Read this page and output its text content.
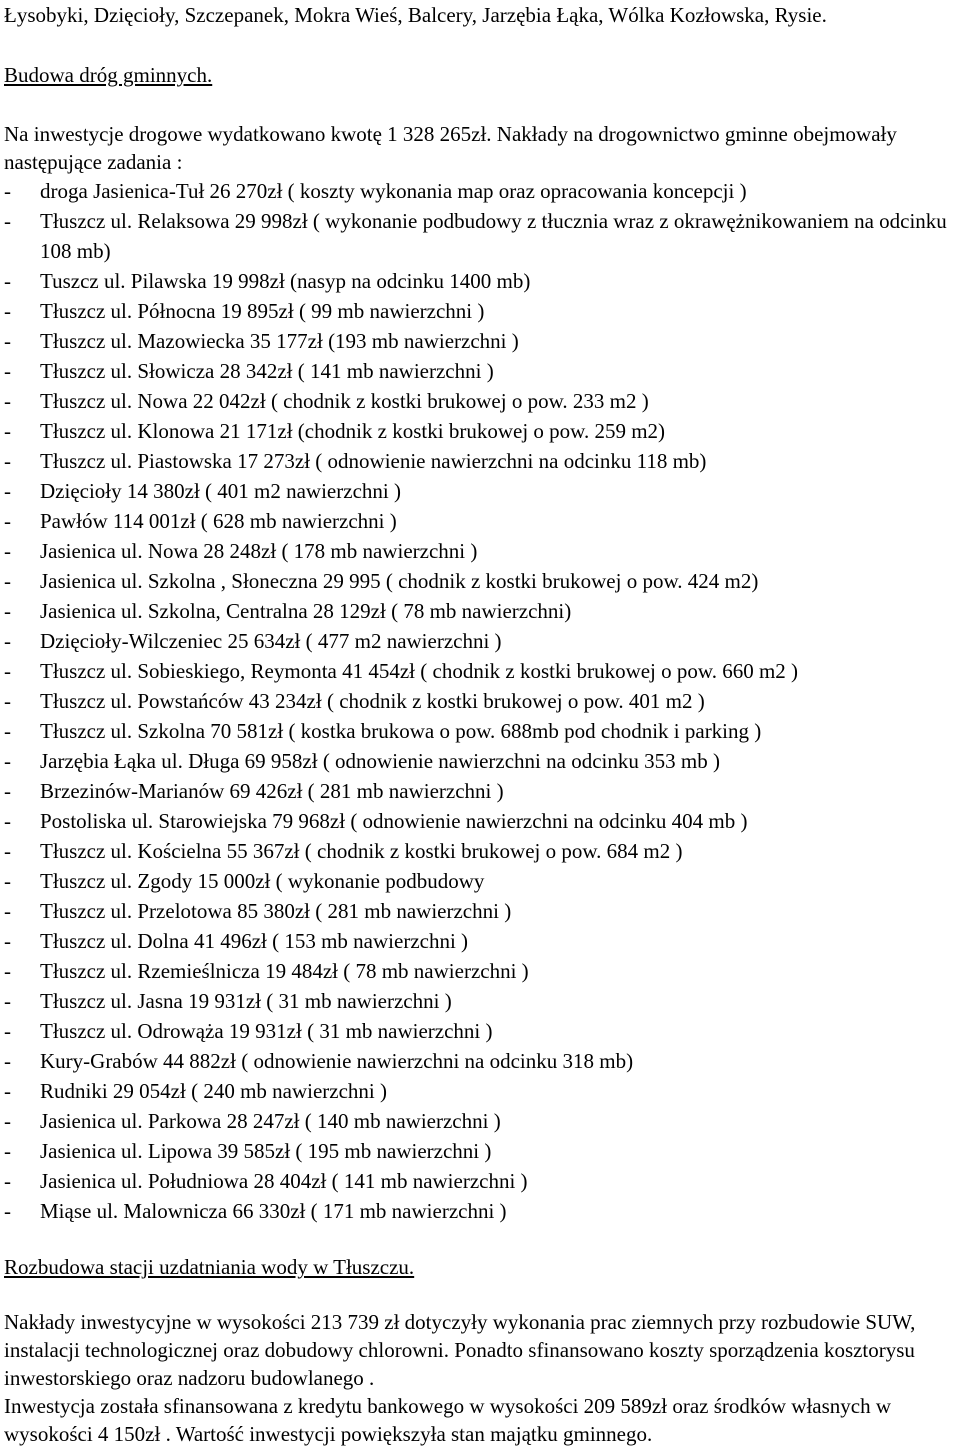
Łysobyki, Dzięcioły, Szczepanek, Mokra Wieś, Balcery, Jarzębia Łąka, Wólka Kozłowska, Rysie.

Budowa dróg gminnych.

Na inwestycje drogowe wydatkowano kwotę 1 328 265zł. Nakłady na drogownictwo gminne obejmowały następujące zadania :

- droga Jasienica-Tuł 26 270zł ( koszty wykonania map oraz opracowania koncepcji )
- Tłuszcz ul. Relaksowa 29 998zł ( wykonanie podbudowy z tłucznia wraz z okrawężnikowaniem na odcinku 108 mb)
- Tuszcz ul. Pilawska 19 998zł (nasyp na odcinku 1400 mb)
- Tłuszcz ul. Północna 19 895zł ( 99 mb nawierzchni )
- Tłuszcz ul. Mazowiecka 35 177zł (193 mb nawierzchni )
- Tłuszcz ul. Słowicza 28 342zł ( 141 mb nawierzchni )
- Tłuszcz ul. Nowa 22 042zł ( chodnik z kostki brukowej o pow. 233 m2 )
- Tłuszcz ul. Klonowa 21 171zł (chodnik z kostki brukowej o pow. 259 m2)
- Tłuszcz ul. Piastowska 17 273zł ( odnowienie nawierzchni na odcinku 118 mb)
- Dzięcioły 14 380zł ( 401 m2 nawierzchni )
- Pawłów 114 001zł ( 628 mb nawierzchni )
- Jasienica ul. Nowa 28 248zł ( 178 mb nawierzchni )
- Jasienica ul. Szkolna , Słoneczna 29 995 ( chodnik z kostki brukowej o pow. 424 m2)
- Jasienica ul. Szkolna, Centralna 28 129zł ( 78 mb nawierzchni)
- Dzięcioły-Wilczeniec 25 634zł ( 477 m2 nawierzchni )
- Tłuszcz ul. Sobieskiego, Reymonta 41 454zł ( chodnik z kostki brukowej o pow. 660 m2 )
- Tłuszcz ul. Powstańców 43 234zł ( chodnik z kostki brukowej o pow. 401 m2 )
- Tłuszcz ul. Szkolna 70 581zł ( kostka brukowa o pow. 688mb pod chodnik i parking )
- Jarzębia Łąka ul. Długa 69 958zł ( odnowienie nawierzchni na odcinku 353 mb )
- Brzezinów-Marianów 69 426zł ( 281 mb nawierzchni )
- Postoliska ul. Starowiejska 79 968zł ( odnowienie nawierzchni na odcinku 404 mb )
- Tłuszcz ul. Kościelna 55 367zł ( chodnik z kostki brukowej o pow. 684 m2 )
- Tłuszcz ul. Zgody 15 000zł ( wykonanie podbudowy
- Tłuszcz ul. Przelotowa 85 380zł ( 281 mb nawierzchni )
- Tłuszcz ul. Dolna 41 496zł ( 153 mb nawierzchni )
- Tłuszcz ul. Rzemieślnicza 19 484zł ( 78 mb nawierzchni )
- Tłuszcz ul. Jasna 19 931zł ( 31 mb nawierzchni )
- Tłuszcz ul. Odrowąża 19 931zł ( 31 mb nawierzchni )
- Kury-Grabów 44 882zł ( odnowienie nawierzchni na odcinku 318 mb)
- Rudniki 29 054zł ( 240 mb nawierzchni )
- Jasienica ul. Parkowa 28 247zł ( 140 mb nawierzchni )
- Jasienica ul. Lipowa 39 585zł ( 195 mb nawierzchni )
- Jasienica ul. Południowa 28 404zł ( 141 mb nawierzchni )
- Miąse ul. Malownicza 66 330zł ( 171 mb nawierzchni )

Rozbudowa stacji uzdatniania wody w Tłuszczu.

Nakłady inwestycyjne w wysokości 213 739 zł dotyczyły wykonania prac ziemnych przy rozbudowie SUW, instalacji technologicznej oraz dobudowy chlorowni. Ponadto sfinansowano koszty sporządzenia kosztorysu inwestorskiego oraz nadzoru budowlanego .

Inwestycja została sfinansowana z kredytu bankowego w wysokości 209 589zł oraz środków własnych w wysokości 4 150zł . Wartość inwestycji powiększyła stan majątku gminnego.
